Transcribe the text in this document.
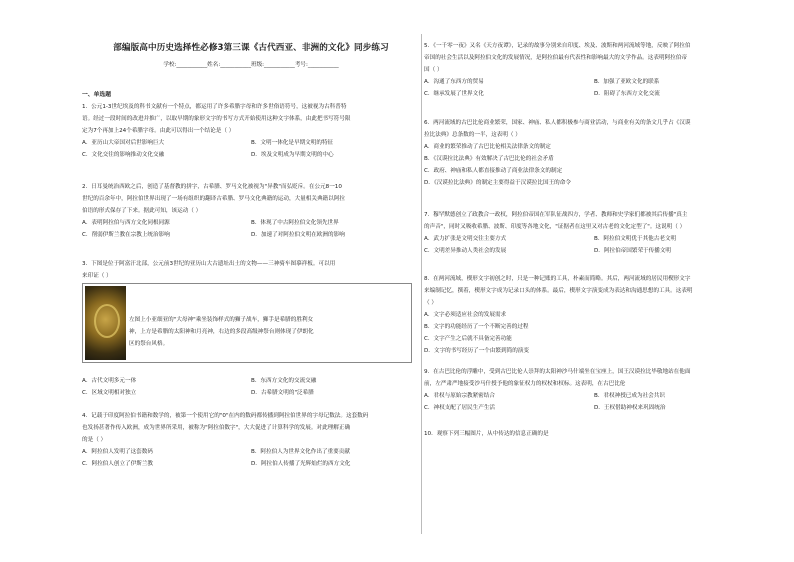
部编版高中历史选择性必修3第三课《古代西亚、非洲的文化》同步练习
学校:___________姓名:___________班级:___________考号:___________
一、单选题
1．公元1-3世纪埃及的科书文献有一个特点，都运用了许多希腊字母和许多世俗语符号，这被视为古科普特
语。经过一段时间的改进并推广，以取早期的象形文字的书写方式开始使用这种文字体系，由此把书写符号限
定为7个再加上24个希腊字母。由此可以得出一个结论是（ ）
A．亚历山大帝国对后世影响巨大	B．文明一体化是早期文明的特征
C．文化交往的影响推动文化交融	D．埃及文明成为早期文明的中心
2．日耳曼统治西欧之后，创造了基督教的拼字，古希腊、罗马文化被视为"异教"而弘贬斥。在公元8一10
世纪的百余年中，阿拉伯世界出现了一场有组织的翻译古希腊、罗马文化典籍的运动，大量相关典籍以阿拉
伯语的形式保存了下来。据此可知，该运动（ ）
A．表明阿拉伯与西方文化同根同源	B．体现了中古阿拉伯文化领先世界
C．削弱伊斯兰教在宗教上统治影响	D．加速了对阿拉伯文明在欧洲的影响
3．下图是位于阿富汗北部，公元前3世纪的亚历山大古遗址出土的文物——三神骑车图摹祥板。可以用
来印证（ ）
左图上小亚细亚的"大母神"乘坐装饰样式的狮子战车，狮手是希腊的胜利女
神，上方是希腊的太阳神和月亮神，右边的多段高级神祭台则体现了伊朗化
区的祭台风格。
A．古代文明多元一体	B．东西方文化的交流交融
C．区域文明相对独立	D．古希腊文明的"泛希腊
4．记载于印度阿拉伯书籍和数学的，被第一个使用它的"0"在内的数码都传播到阿拉伯世界的字母记数法。这套数码
也发扬甚著作传入欧洲，成为世界所采用，被称为"阿拉伯数字"，大大促进了计算科学的发展。对此理解正确
的是（ ）
A．阿拉伯人发明了这套数码	B．阿拉伯人为世界文化作出了重要贡献
C．阿拉伯人创立了伊斯兰教	D．阿拉伯人传播了光辉灿烂的西方文化
5．《一千零一夜》又名《天方夜谭》，记录的故事分别来自印度、埃及、波斯和两河流域等地，反映了阿拉伯
帝国的社会生活以及阿拉伯文化的发展情况，是阿拉伯最有代表性和影响最大的文学作品。这表明阿拉伯帝
国（ ）
A．沟通了东西方的贸易	B．加强了亚欧文化的联系
C．继承发展了世界文化	D．阻碍了东西方文化交流
6．两河流域的古巴比伦商业繁荣，国家、神庙、私人都积极参与商业活动，与商业有关的条文几乎占《汉谟
拉比法典》总条数的一半，这表明（ ）
A．商业的繁荣推动了古巴比伦相关法律条文的制定
B．《汉谟拉比法典》有效解决了古巴比伦的社会矛盾
C．政府、神庙和私人都直接推动了商业法律条文的制定
D．《汉谟拉比法典》的制定主要得益于汉谟拉比国王的命令
7．穆罕默德创立了政教合一政权，阿拉伯帝国在军队征战四方，学者、教师和史学家们都被其后传播"真主
的声音"，同时又吸收希腊、波斯、印度等各地文化，"证据者在这里又对古老的文化定型了"。这说明（ ）
A．武力扩张是文明交往主要方式	B．阿拉伯文明优于其他古老文明
C．文明差异推动人类社会的发展	D．阿拉伯帝国繁荣于传播文明
8．在两河流域，楔形文字初创之时，只是一种记账的工具，朴素而简略。其后，两河流域的居民用楔形文字
来编制记忆，撰着，楔形文字成为记录口头的体系。最后，楔形文字演变成为表达和沟通思想的工具。这表明
（ ）
A．文字必须适应社会的发展需求
B．文字的功能经历了一个不断完善的过程
C．文字产生之后就不具备完善功能
D．文字的书写经历了一个由繁到简的演变
9．在古巴比伦的浮雕中，受到古巴比伦人崇拜的太阳神沙马什端坐在宝座上，国王汉谟拉比毕敬地站在他面
前，左严肃严地接受沙马什授予他的象征权力的权杖和权标。这表明，在古巴比伦
A．君权与原始宗教紧密结合	B．君权神授已成为社会共识
C．神权支配了居民生产生活	D．王权借助神权来巩固统治
10．观察下列三幅图片，从中传达的信息正确的是
